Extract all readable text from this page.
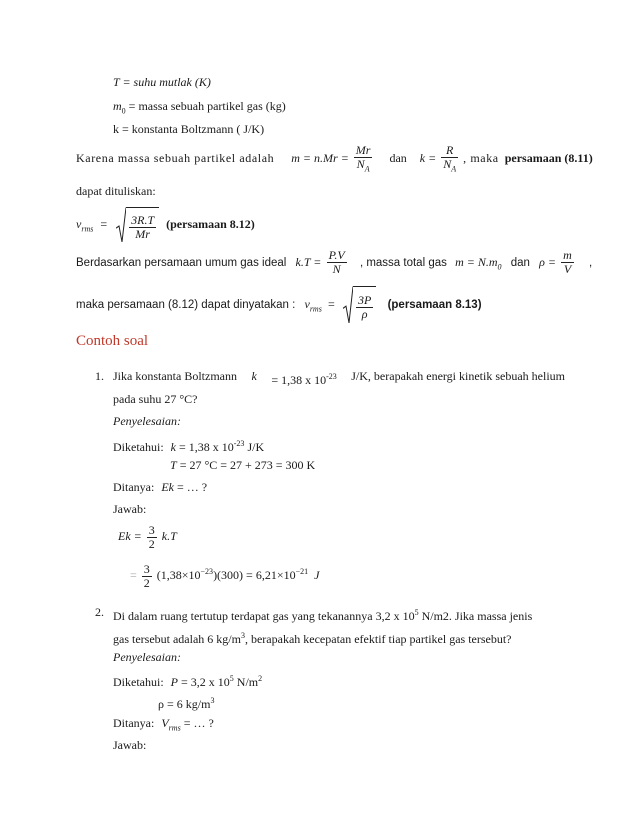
T = suhu mutlak (K)
$m_0$ = massa sebuah partikel gas (kg)
k = konstanta Boltzmann ( J/K)
Karena massa sebuah partikel adalah $m = n.Mr = \frac{Mr}{N_A}$ dan $k = \frac{R}{N_A}$ , maka persamaan (8.11)
dapat dituliskan:
$v_{rms} = \frac{3R.T}{Mr}$ (persamaan 8.12)
Berdasarkan persamaan umum gas ideal $k.T = \frac{P.V}{N}$ , massa total gas $m = N.m_0$ dan $\rho = \frac{m}{V}$ ,
maka persamaan (8.12) dapat dinyatakan : $v_{rms} = \frac{3P}{\rho}$ (persamaan 8.13)
Contoh soal
1. Jika konstanta Boltzmann k = 1,38 x $10^{-23}$ J/K, berapakah energi kinetik sebuah helium
pada suhu 27 °C?
Penyelesaian:
Diketahui: k = 1,38 x $10^{-23}$ J/K
T = 27 °C = 27 + 273 = 300 K
Ditanya: Ek = … ?
Jawab:
$Ek = \frac{3}{2} k.T$
= $\frac{3}{2} (1,38\times 10^{-23})(300) = 6,21\times 10^{-21}$ J
2. Di dalam ruang tertutup terdapat gas yang tekanannya 3,2 x $10^5$ N/m2. Jika massa jenis
gas tersebut adalah 6 $kg/m^3$, berapakah kecepatan efektif tiap partikel gas tersebut?
Penyelesaian:
Diketahui: P = 3,2 x $10^5$ $N/m^2$
ρ = 6 $kg/m^3$
Ditanya: $V_{rms}$ = … ?
Jawab:
